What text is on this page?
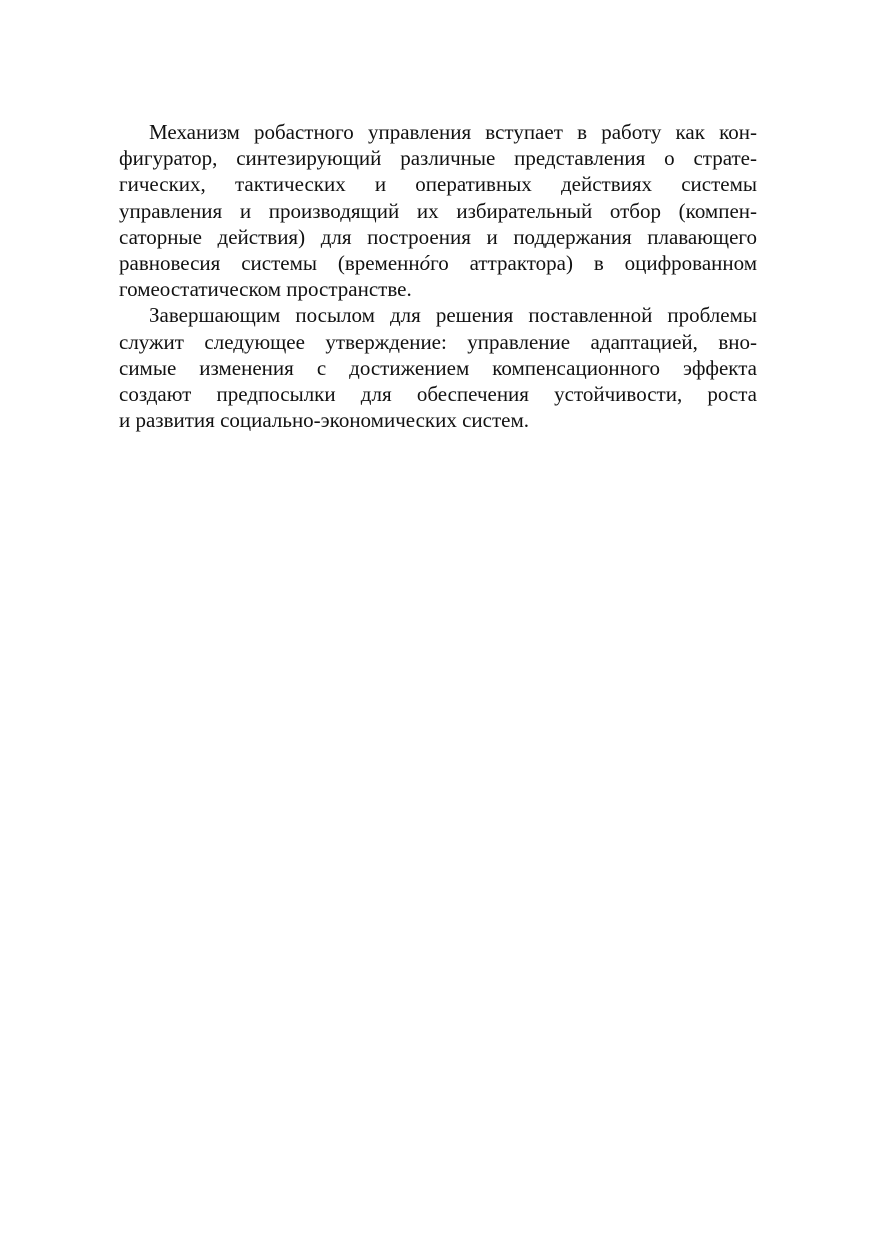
Механизм робастного управления вступает в работу как кон-
фигуратор, синтезирующий различные представления о страте-
гических, тактических и оперативных действиях системы
управления и производящий их избирательный отбор (компен-
саторные действия) для построения и поддержания плавающего
равновесия системы (временнóго аттрактора) в оцифрованном
гомеостатическом пространстве.
Завершающим посылом для решения поставленной проблемы
служит следующее утверждение: управление адаптацией, вно-
симые изменения с достижением компенсационного эффекта
создают предпосылки для обеспечения устойчивости, роста
и развития социально-экономических систем.
